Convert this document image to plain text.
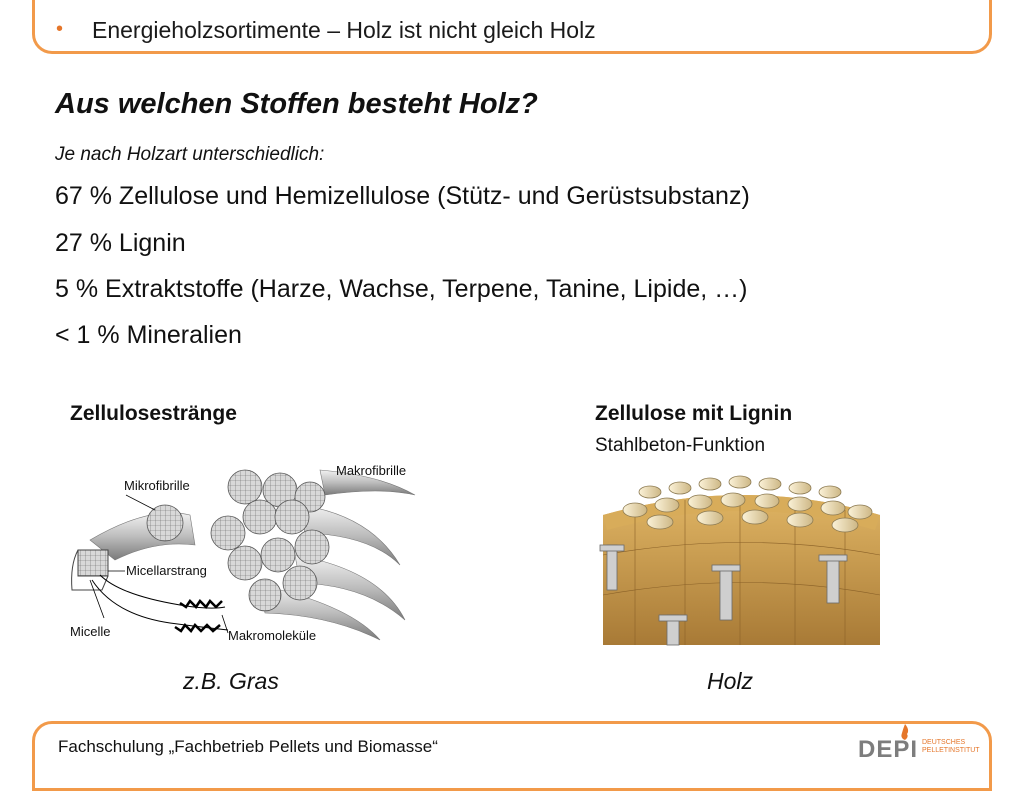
• Energieholzsortimente – Holz ist nicht gleich Holz
Aus welchen Stoffen besteht Holz?
Je nach Holzart unterschiedlich:
67 % Zellulose und Hemizellulose (Stütz- und Gerüstsubstanz)
27 % Lignin
5 % Extraktstoffe (Harze, Wachse, Terpene, Tanine, Lipide, …)
< 1 % Mineralien
Zellulosestränge	Zellulose mit Lignin
Stahlbeton-Funktion
Makrofibrille
Mikrofibrille
Micellarstrang
Micelle	Makromoleküle
z.B. Gras	Holz
Fachschulung „Fachbetrieb Pellets und Biomasse“	DEPI DEUTSCHES
PELLETINSTITUT
